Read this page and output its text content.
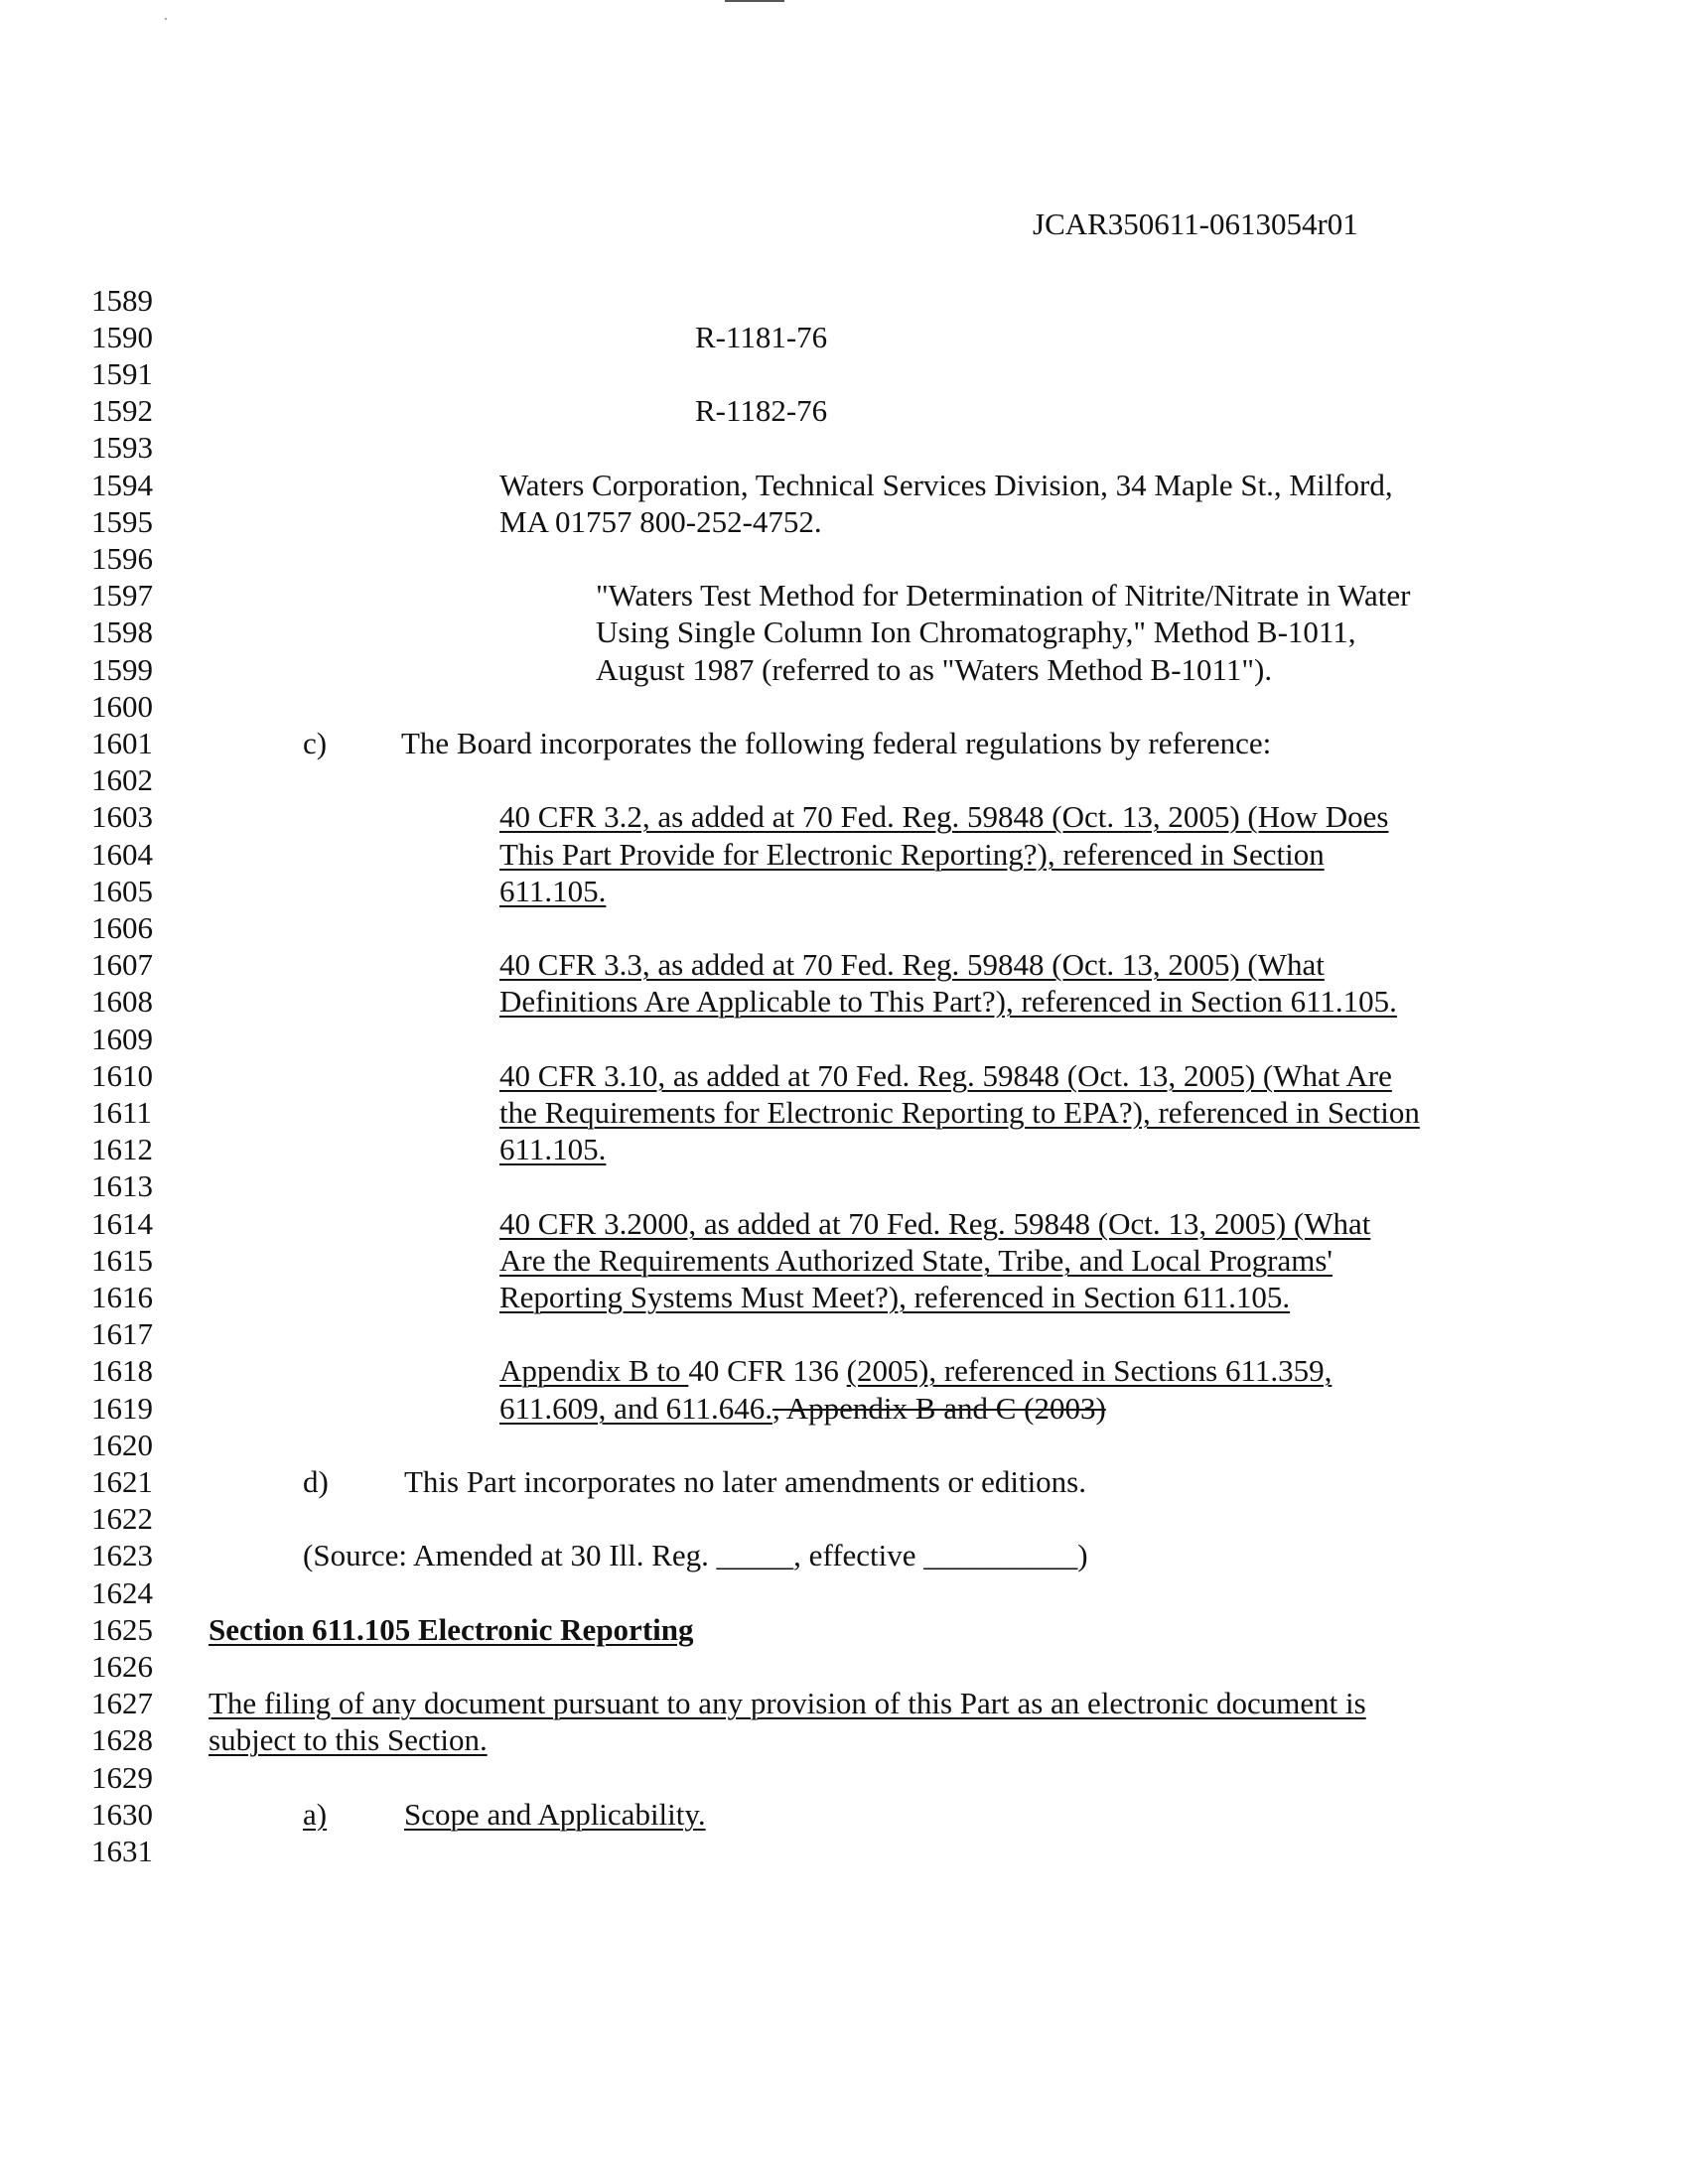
JCAR350611-0613054r01
1589
1590
1591
1592
1593
1594
1595
1596
1597
1598
1599
1600
1601
1602
1603
1604
1605
1606
1607
1608
1609
1610
1611
1612
1613
1614
1615
1616
1617
1618
1619
1620
1621
1622
1623
1624
1625
1626
1627
1628
1629
1630
1631
R-1181-76
R-1182-76
Waters Corporation, Technical Services Division, 34 Maple St., Milford,
MA 01757 800-252-4752.
"Waters Test Method for Determination of Nitrite/Nitrate in Water
Using Single Column Ion Chromatography," Method B-1011,
August 1987 (referred to as "Waters Method B-1011").
c) The Board incorporates the following federal regulations by reference:
40 CFR 3.2, as added at 70 Fed. Reg. 59848 (Oct. 13, 2005) (How Does
This Part Provide for Electronic Reporting?), referenced in Section
611.105.
40 CFR 3.3, as added at 70 Fed. Reg. 59848 (Oct. 13, 2005) (What
Definitions Are Applicable to This Part?), referenced in Section 611.105.
40 CFR 3.10, as added at 70 Fed. Reg. 59848 (Oct. 13, 2005) (What Are
the Requirements for Electronic Reporting to EPA?), referenced in Section
611.105.
40 CFR 3.2000, as added at 70 Fed. Reg. 59848 (Oct. 13, 2005) (What
Are the Requirements Authorized State, Tribe, and Local Programs'
Reporting Systems Must Meet?), referenced in Section 611.105.
Appendix B to 40 CFR 136 (2005), referenced in Sections 611.359,
611.609, and 611.646., Appendix B and C (2003)
d) This Part incorporates no later amendments or editions.
(Source: Amended at 30 Ill. Reg. _____, effective __________)
Section 611.105 Electronic Reporting
The filing of any document pursuant to any provision of this Part as an electronic document is
subject to this Section.
a)	Scope and Applicability.
